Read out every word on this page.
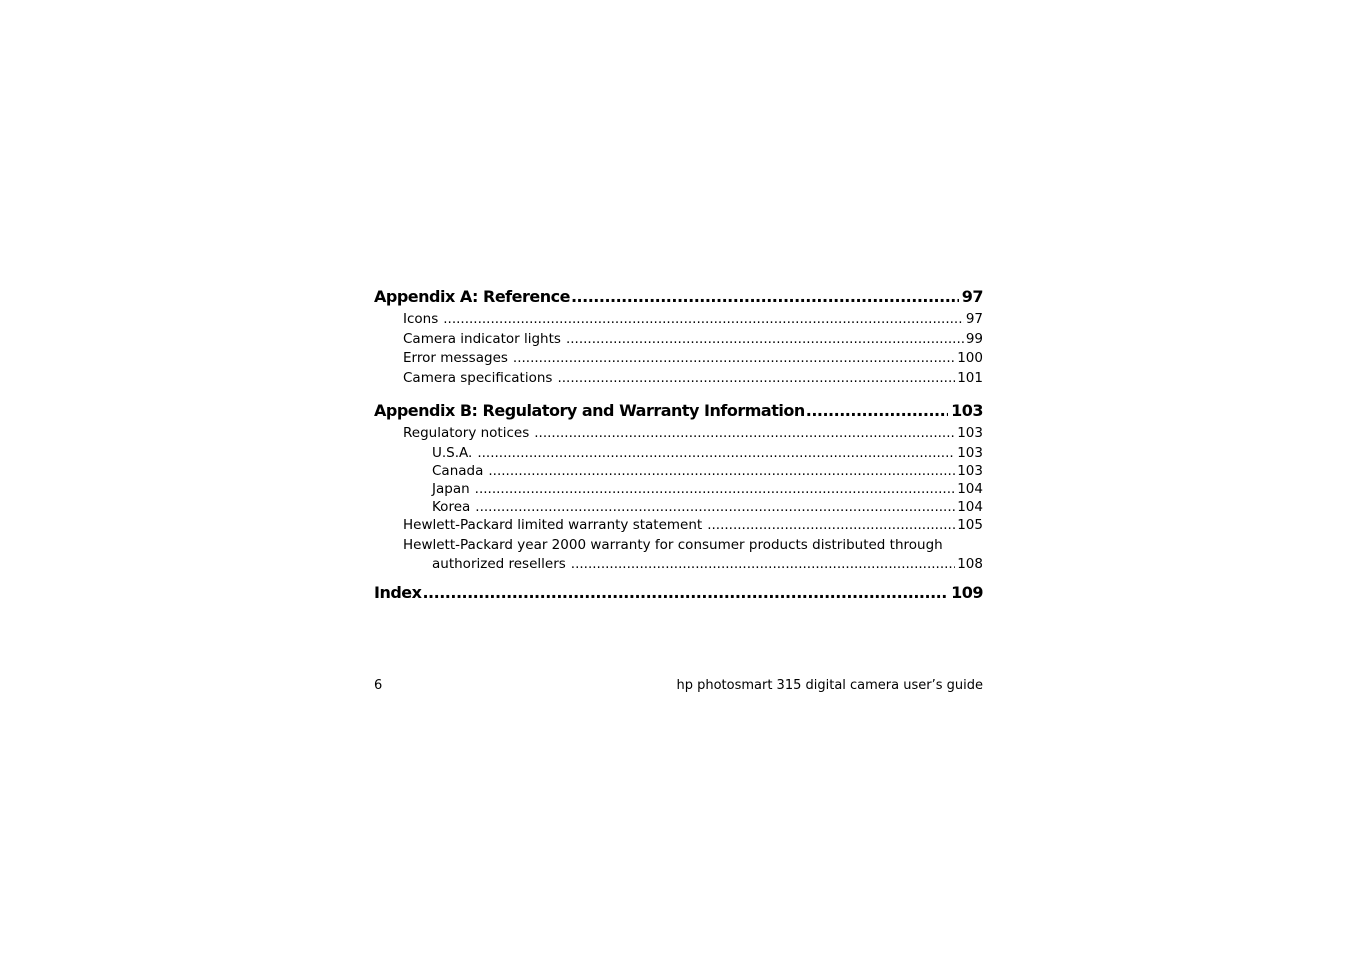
Appendix A: Reference .....	97
Icons .....	97
Camera indicator lights .....	99
Error messages .....	100
Camera specifications .....	101
Appendix B: Regulatory and Warranty Information .....	103
Regulatory notices .....	103
U.S.A. .....	103
Canada .....	103
Japan .....	104
Korea .....	104
Hewlett-Packard limited warranty statement .....	105
Hewlett-Packard year 2000 warranty for consumer products distributed through
authorized resellers .....	108
Index .....	109
6	hp photosmart 315 digital camera user’s guide
